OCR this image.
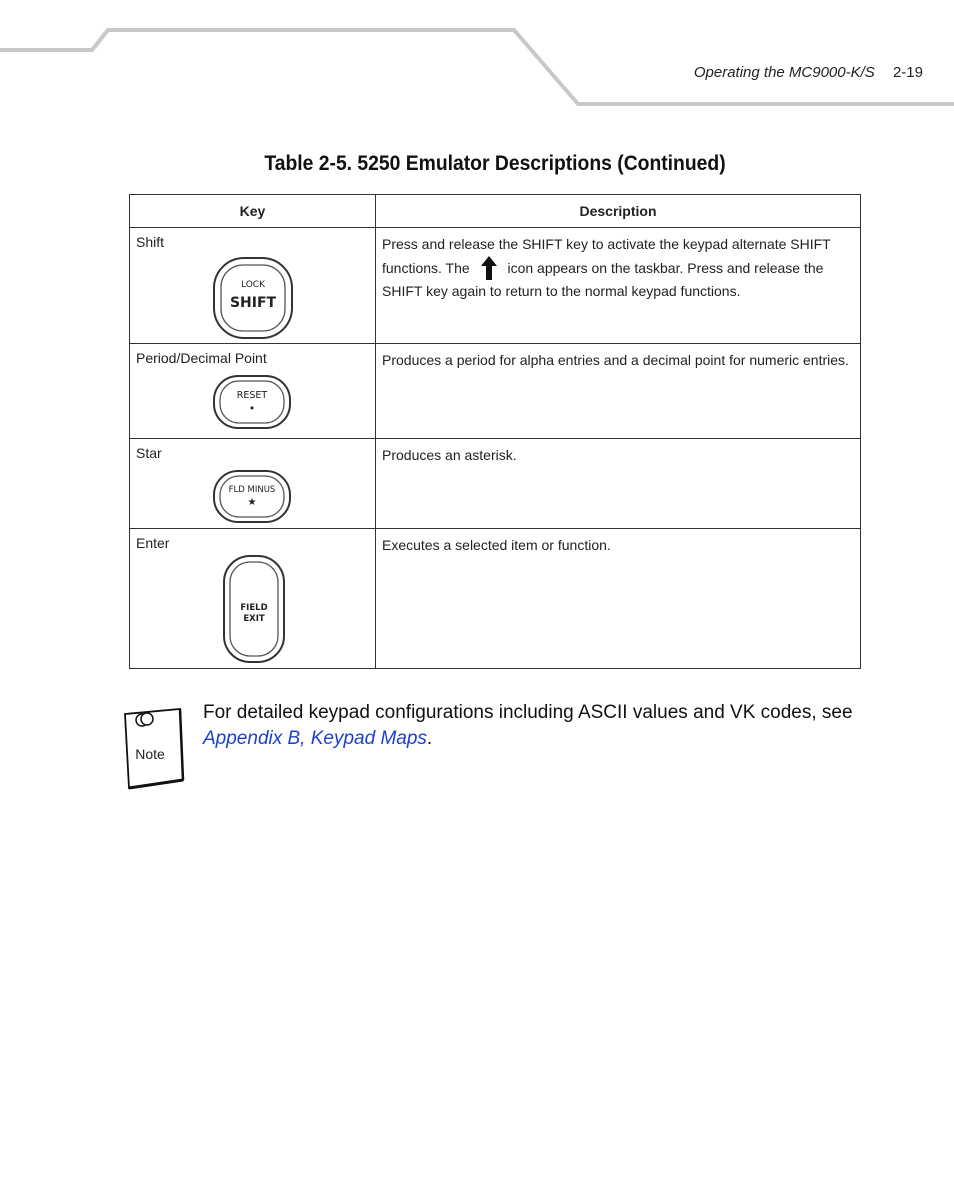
Operating the MC9000-K/S 2-19
Table 2-5. 5250 Emulator Descriptions (Continued)
Key	Description

Shift
LOCK
SHIFT	Press and release the SHIFT key to activate the keypad alternate SHIFT functions. The icon appears on the taskbar. Press and release the SHIFT key again to return to the normal keypad functions.

Period/Decimal Point
RESET
•	Produces a period for alpha entries and a decimal point for numeric entries.

Star
FLD MINUS
★	Produces an asterisk.

Enter
FIELD
EXIT	Executes a selected item or function.
Note
For detailed keypad configurations including ASCII values and VK codes, see Appendix B, Keypad Maps.
